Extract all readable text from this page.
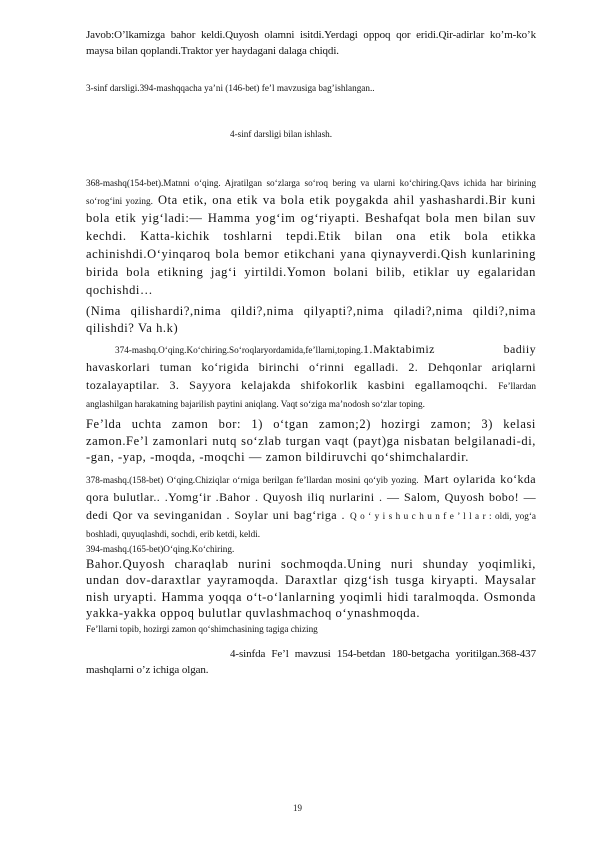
Javob:O’lkamizga bahor keldi.Quyosh olamni isitdi.Yerdagi oppoq qor eridi.Qir-adirlar ko’m-ko’k maysa bilan qoplandi.Traktor yer haydagani dalaga chiqdi.

3-sinf darsligi.394-mashqqacha ya’ni (146-bet) fe’l mavzusiga bag’ishlangan..

4-sinf darsligi bilan ishlash.

368-mashq(154-bet).Matnni o‘qing. Ajratilgan so‘zlarga so‘roq bering va ularni ko‘chiring.Qavs ichida har birining so‘rog‘ini yozing. Ota etik, ona etik va bola etik poygakda ahil yashashardi.Bir kuni bola etik yig‘ladi:— Hamma yog‘im og‘riyapti. Beshafqat bola men bilan suv kechdi. Katta-kichik toshlarni tepdi.Etik bilan ona etik bola etikka achinishdi.O‘yinqaroq bola bemor etikchani yana qiynayverdi.Qish kunlarining birida bola etikning jag‘i yirtildi.Yomon bolani bilib, etiklar uy egalaridan qochishdi…

(Nima qilishardi?,nima qildi?,nima qilyapti?,nima qiladi?,nima qildi?,nima qilishdi? Va h.k)

374-mashq.O‘qing.Ko‘chiring.So‘roqlaryordamida,fe’llarni,toping.1.Maktabimiz badiiy havaskorlari tuman ko‘rigida birinchi o‘rinni egalladi. 2. Dehqonlar ariqlarni tozalayaptilar. 3. Sayyora kelajakda shifokorlik kasbini egallamoqchi. Fe’llardan anglashilgan harakatning bajarilish paytini aniqlang. Vaqt so‘ziga ma’nodosh so‘zlar toping.

Fe’lda uchta zamon bor: 1) o‘tgan zamon;2) hozirgi zamon; 3) kelasi zamon.Fe’l zamonlari nutq so‘zlab turgan vaqt (payt)ga nisbatan belgilanadi-di, -gan, -yap, -moqda, -moqchi — zamon bildiruvchi qo‘shimchalardir.

378-mashq.(158-bet) O‘qing.Chiziqlar o‘rniga berilgan fe’llardan mosini qo‘yib yozing. Mart oylarida ko‘kda qora bulutlar.. .Yomg‘ir .Bahor . Quyosh iliq nurlarini . — Salom, Quyosh bobo! — dedi Qor va sevinganidan . Soylar uni bag‘riga . Q o ‘ y i s h u c h u n f e ’ l l a r : oldi, yog‘a boshladi, quyuqlashdi, sochdi, erib ketdi, keldi.

394-mashq.(165-bet)O‘qing.Ko‘chiring.

Bahor.Quyosh charaqlab nurini sochmoqda.Uning nuri shunday yoqimliki, undan dov-daraxtlar yayramoqda. Daraxtlar qizg‘ish tusga kiryapti. Maysalar nish uryapti. Hamma yoqqa o‘t-o‘lanlarning yoqimli hidi taralmoqda. Osmonda yakka-yakka oppoq bulutlar quvlashmachoq o‘ynashmoqda.

Fe’llarni topib, hozirgi zamon qo‘shimchasining tagiga chizing

4-sinfda Fe’l mavzusi 154-betdan 180-betgacha yoritilgan.368-437 mashqlarni o’z ichiga olgan.

19
